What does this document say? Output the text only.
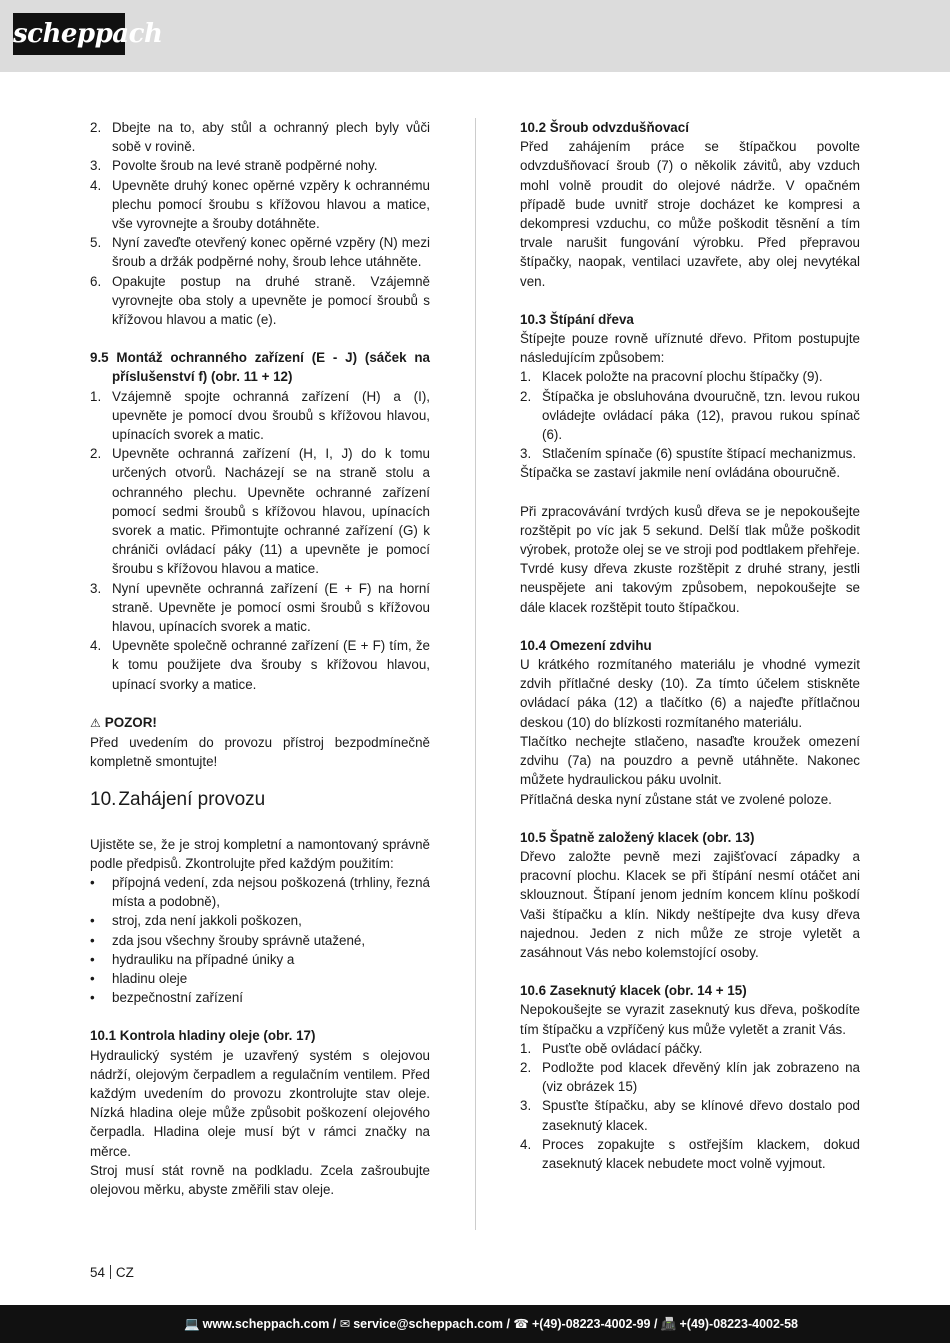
scheppach
2. Dbejte na to, aby stůl a ochranný plech byly vůči sobě v rovině.
3. Povolte šroub na levé straně podpěrné nohy.
4. Upevněte druhý konec opěrné vzpěry k ochrannému plechu pomocí šroubu s křížovou hlavou a matice, vše vyrovnejte a šrouby dotáhněte.
5. Nyní zaveďte otevřený konec opěrné vzpěry (N) mezi šroub a držák podpěrné nohy, šroub lehce utáhněte.
6. Opakujte postup na druhé straně. Vzájemně vyrovnejte oba stoly a upevněte je pomocí šroubů s křížovou hlavou a matic (e).

9.5 Montáž ochranného zařízení (E - J) (sáček na příslušenství f) (obr. 11 + 12)

1. Vzájemně spojte ochranná zařízení (H) a (I), upevněte je pomocí dvou šroubů s křížovou hlavou, upínacích svorek a matic.
2. Upevněte ochranná zařízení (H, I, J) do k tomu určených otvorů. Nacházejí se na straně stolu a ochranného plechu. Upevněte ochranné zařízení pomocí sedmi šroubů s křížovou hlavou, upínacích svorek a matic. Přimontujte ochranné zařízení (G) k chrániči ovládací páky (11) a upevněte je pomocí šroubu s křížovou hlavou a matice.
3. Nyní upevněte ochranná zařízení (E + F) na horní straně. Upevněte je pomocí osmi šroubů s křížovou hlavou, upínacích svorek a matic.
4. Upevněte společně ochranné zařízení (E + F) tím, že k tomu použijete dva šrouby s křížovou hlavou, upínací svorky a matice.

⚠ POZOR!

Před uvedením do provozu přístroj bezpodmínečně kompletně smontujte!

10. Zahájení provozu

Ujistěte se, že je stroj kompletní a namontovaný správně podle předpisů. Zkontrolujte před každým použitím:

• přípojná vedení, zda nejsou poškozená (trhliny, řezná místa a podobně),
• stroj, zda není jakkoli poškozen,
• zda jsou všechny šrouby správně utažené,
• hydrauliku na případné úniky a
• hladinu oleje
• bezpečnostní zařízení

10.1 Kontrola hladiny oleje (obr. 17)

Hydraulický systém je uzavřený systém s olejovou nádrží, olejovým čerpadlem a regulačním ventilem. Před každým uvedením do provozu zkontrolujte stav oleje. Nízká hladina oleje může způsobit poškození olejového čerpadla. Hladina oleje musí být v rámci značky na měrce.

Stroj musí stát rovně na podkladu. Zcela zašroubujte olejovou měrku, abyste změřili stav oleje.

10.2 Šroub odvzdušňovací

Před zahájením práce se štípačkou povolte odvzdušňovací šroub (7) o několik závitů, aby vzduch mohl volně proudit do olejové nádrže. V opačném případě bude uvnitř stroje docházet ke kompresi a dekompresi vzduchu, co může poškodit těsnění a tím trvale narušit fungování výrobku. Před přepravou štípačky, naopak, ventilaci uzavřete, aby olej nevytékal ven.

10.3 Štípání dřeva

Štípejte pouze rovně uříznuté dřevo. Přitom postupujte následujícím způsobem:

1. Klacek položte na pracovní plochu štípačky (9).
2. Štípačka je obsluhována dvouručně, tzn. levou rukou ovládejte ovládací páka (12), pravou rukou spínač (6).
3. Stlačením spínače (6) spustíte štípací mechanizmus.

Štípačka se zastaví jakmile není ovládána obouručně.

Při zpracovávání tvrdých kusů dřeva se je nepokoušejte rozštěpit po víc jak 5 sekund. Delší tlak může poškodit výrobek, protože olej se ve stroji pod podtlakem přehřeje. Tvrdé kusy dřeva zkuste rozštěpit z druhé strany, jestli neuspějete ani takovým způsobem, nepokoušejte se dále klacek rozštěpit touto štípačkou.

10.4 Omezení zdvihu

U krátkého rozmítaného materiálu je vhodné vymezit zdvih přítlačné desky (10). Za tímto účelem stiskněte ovládací páka (12) a tlačítko (6) a najeďte přítlačnou deskou (10) do blízkosti rozmítaného materiálu.

Tlačítko nechejte stlačeno, nasaďte kroužek omezení zdvihu (7a) na pouzdro a pevně utáhněte. Nakonec můžete hydraulickou páku uvolnit.

Přítlačná deska nyní zůstane stát ve zvolené poloze.

10.5 Špatně založený klacek (obr. 13)

Dřevo založte pevně mezi zajišťovací západky a pracovní plochu. Klacek se při štípání nesmí otáčet ani sklouznout. Štípaní jenom jedním koncem klínu poškodí Vaši štípačku a klín. Nikdy neštípejte dva kusy dřeva najednou. Jeden z nich může ze stroje vyletět a zasáhnout Vás nebo kolemstojící osoby.

10.6 Zaseknutý klacek (obr. 14 + 15)

Nepokoušejte se vyrazit zaseknutý kus dřeva, poškodíte tím štípačku a vzpříčený kus může vyletět a zranit Vás.

1. Pusťte obě ovládací páčky.
2. Podložte pod klacek dřevěný klín jak zobrazeno na (viz obrázek 15)
3. Spusťte štípačku, aby se klínové dřevo dostalo pod zaseknutý klacek.
4. Proces zopakujte s ostřejším klackem, dokud zaseknutý klacek nebudete moct volně vyjmout.
54 CZ
💻 www.scheppach.com / ✉ service@scheppach.com / ☎ +(49)-08223-4002-99 / 📠 +(49)-08223-4002-58
